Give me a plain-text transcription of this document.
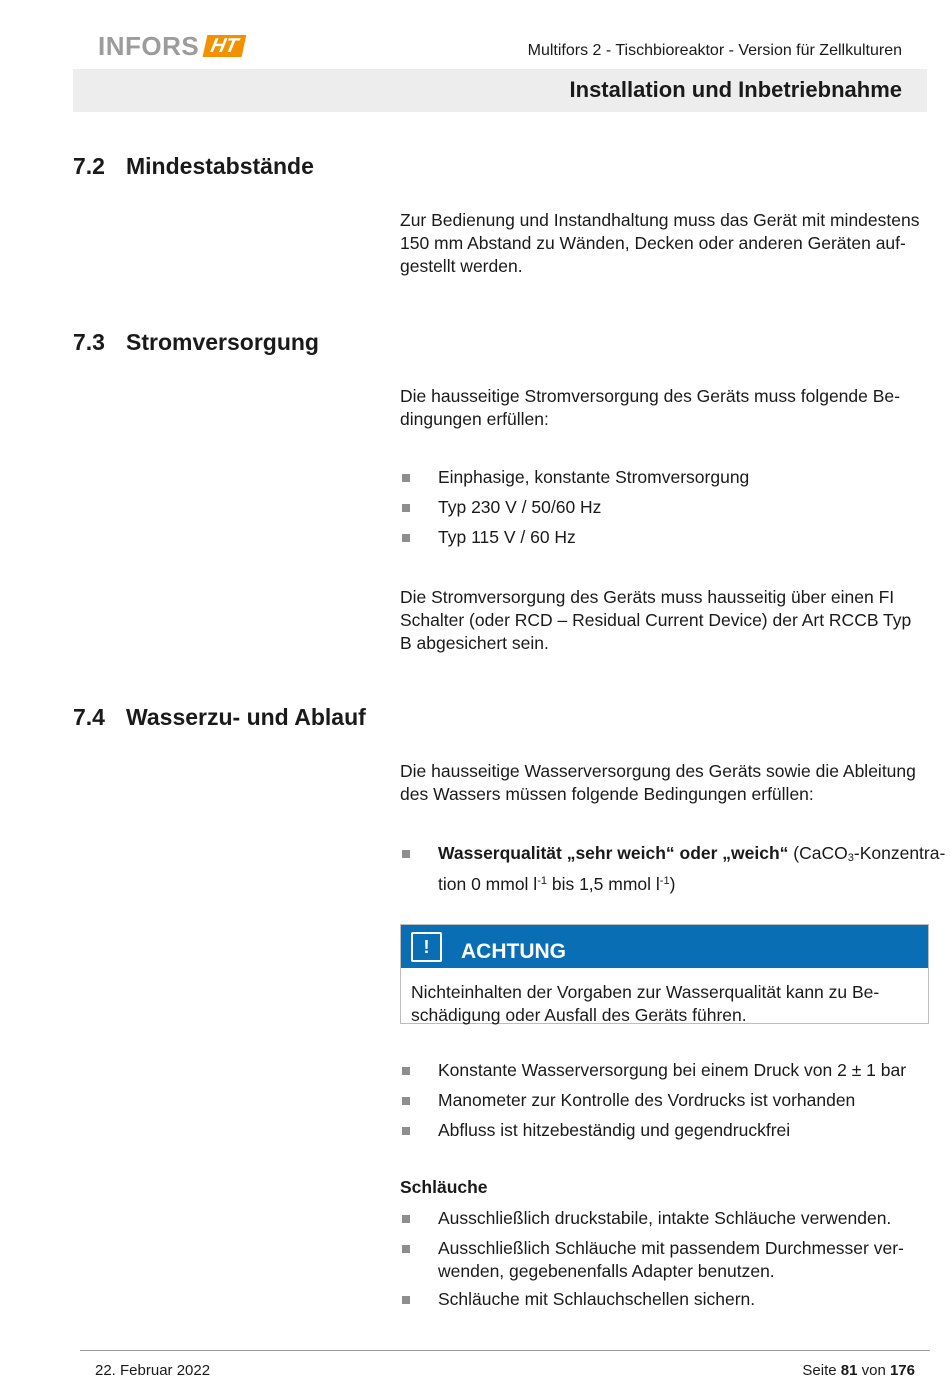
INFORS HT	Multifors 2 - Tischbioreaktor - Version für Zellkulturen
Installation und Inbetriebnahme
7.2 Mindestabstände
Zur Bedienung und Instandhaltung muss das Gerät mit mindestens
150 mm Abstand zu Wänden, Decken oder anderen Geräten auf-
gestellt werden.
7.3 Stromversorgung
Die hausseitige Stromversorgung des Geräts muss folgende Be-
dingungen erfüllen:
Einphasige, konstante Stromversorgung
Typ 230 V / 50/60 Hz
Typ 115 V / 60 Hz
Die Stromversorgung des Geräts muss hausseitig über einen FI
Schalter (oder RCD – Residual Current Device) der Art RCCB Typ
B abgesichert sein.
7.4 Wasserzu- und Ablauf
Die hausseitige Wasserversorgung des Geräts sowie die Ableitung
des Wassers müssen folgende Bedingungen erfüllen:
Wasserqualität „sehr weich“ oder „weich“ (CaCO$_3$-Konzentra-
tion 0 mmol $l^{-1}$ bis 1,5 mmol $l^{-1}$)
!	ACHTUNG
Nichteinhalten der Vorgaben zur Wasserqualität kann zu Be-
schädigung oder Ausfall des Geräts führen.
Konstante Wasserversorgung bei einem Druck von 2 ± 1 bar
Manometer zur Kontrolle des Vordrucks ist vorhanden
Abfluss ist hitzebeständig und gegendruckfrei
Schläuche
Ausschließlich druckstabile, intakte Schläuche verwenden.
Ausschließlich Schläuche mit passendem Durchmesser ver-
wenden, gegebenenfalls Adapter benutzen.
Schläuche mit Schlauchschellen sichern.
22. Februar 2022	Seite 81 von 176
